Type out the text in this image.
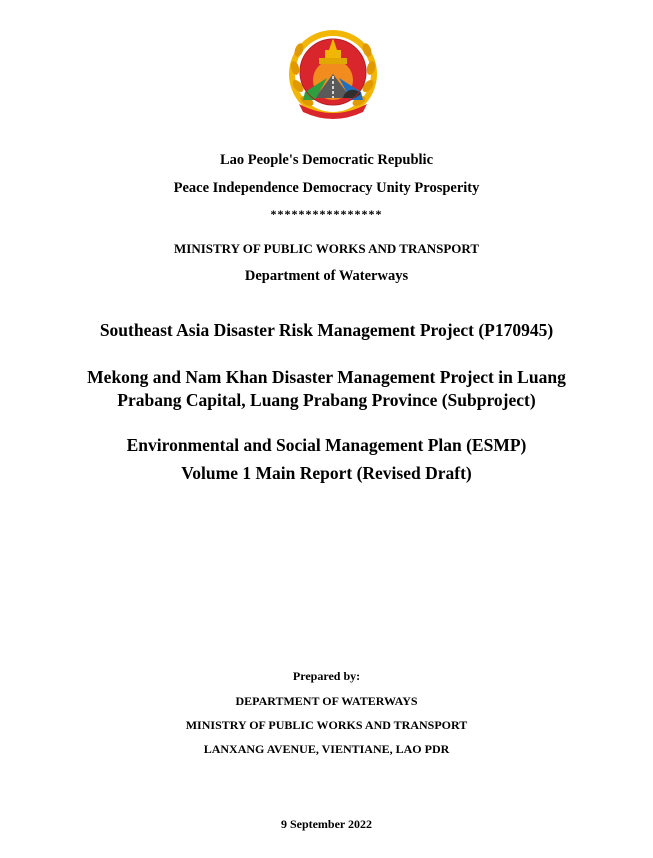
Lao People's Democratic Republic
Peace Independence Democracy Unity Prosperity
****************
MINISTRY OF PUBLIC WORKS AND TRANSPORT
Department of Waterways
Southeast Asia Disaster Risk Management Project (P170945)
Mekong and Nam Khan Disaster Management Project in Luang
Prabang Capital, Luang Prabang Province (Subproject)
Environmental and Social Management Plan (ESMP)
Volume 1 Main Report (Revised Draft)
Prepared by:
DEPARTMENT OF WATERWAYS
MINISTRY OF PUBLIC WORKS AND TRANSPORT
LANXANG AVENUE, VIENTIANE, LAO PDR
9 September 2022
